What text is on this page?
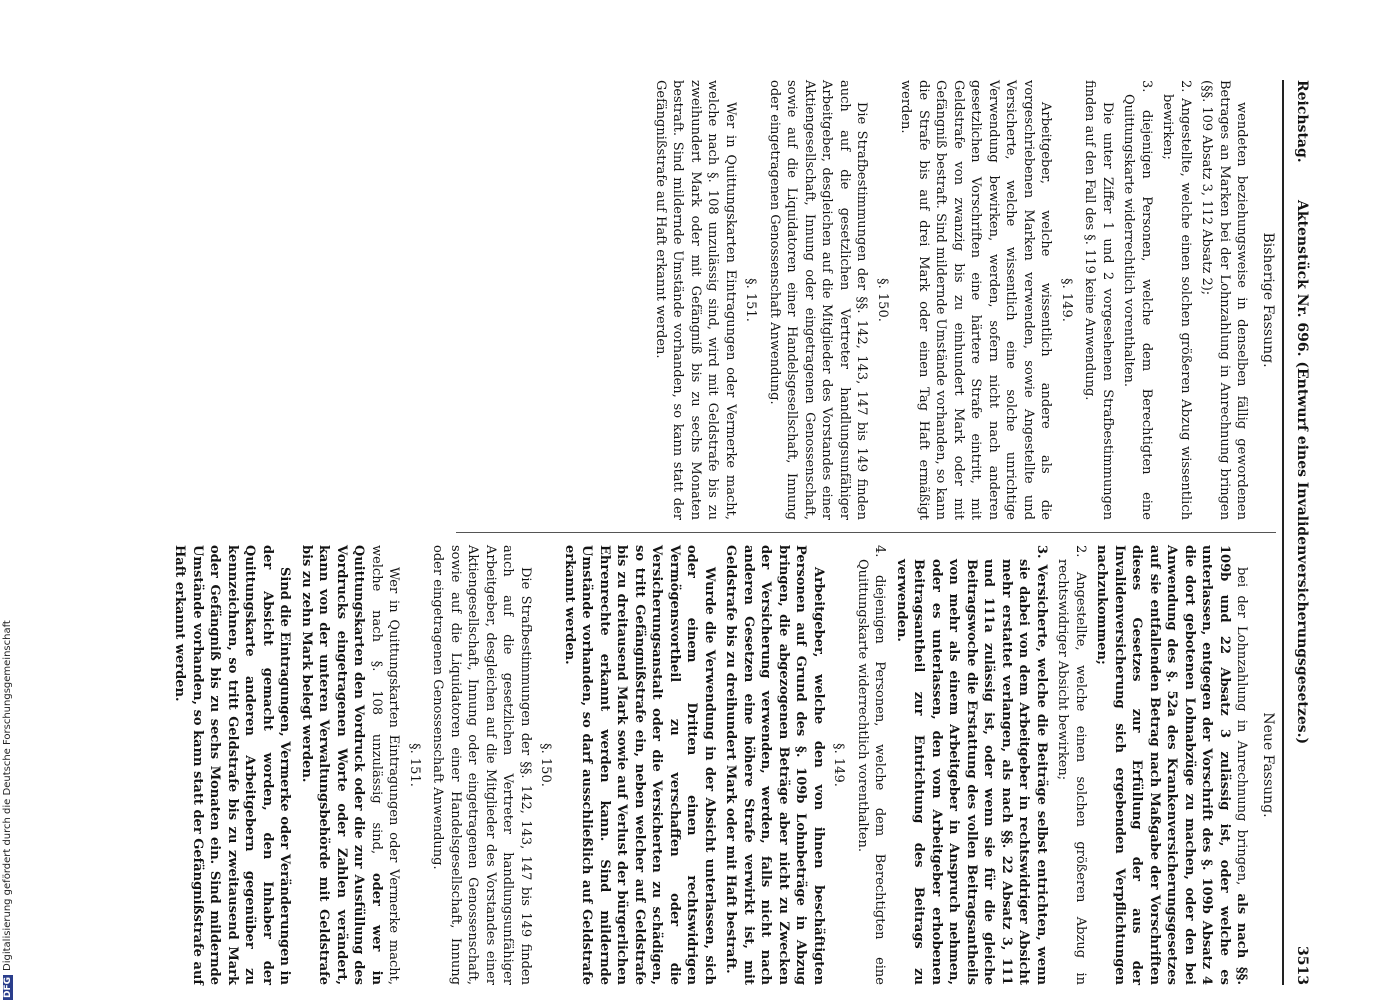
Reichstag.
Aktenstück Nr. 696. (Entwurf eines Invalidenversicherungsgesetzes.)
3513
Bisherige Fassung.

wendeten beziehungsweise in denselben fällig gewordenen Betrages an Marken bei der Lohnzahlung in Anrechnung bringen (§§. 109 Absatz 3, 112 Absatz 2);

2. Angestellte, welche einen solchen größeren Abzug wissentlich bewirken;

3. diejenigen Personen, welche dem Berechtigten eine Quittungskarte widerrechtlich vorenthalten.

Die unter Ziffer 1 und 2 vorgesehenen Strafbestimmungen finden auf den Fall des §. 119 keine Anwendung.

§. 149.

Arbeitgeber, welche wissentlich andere als die vorgeschriebenen Marken verwenden, sowie Angestellte und Versicherte, welche wissentlich eine solche unrichtige Verwendung bewirken, werden, sofern nicht nach anderen gesetzlichen Vorschriften eine härtere Strafe eintritt, mit Geldstrafe von zwanzig bis zu einhundert Mark oder mit Gefängniß bestraft. Sind mildernde Umstände vorhanden, so kann die Strafe bis auf drei Mark oder einen Tag Haft ermäßigt werden.

§. 150.

Die Strafbestimmungen der §§. 142, 143, 147 bis 149 finden auch auf die gesetzlichen Vertreter handlungsunfähiger Arbeitgeber, desgleichen auf die Mitglieder des Vorstandes einer Aktiengesellschaft, Innung oder eingetragenen Genossenschaft, sowie auf die Liquidatoren einer Handelsgesellschaft, Innung oder eingetragenen Genossenschaft Anwendung.

§. 151.

Wer in Quittungskarten Eintragungen oder Vermerke macht, welche nach §. 108 unzulässig sind, wird mit Geldstrafe bis zu zweihundert Mark oder mit Gefängniß bis zu sechs Monaten bestraft. Sind mildernde Umstände vorhanden, so kann statt der Gefängnißstrafe auf Haft erkannt werden.

Neue Fassung.

bei der Lohnzahlung in Anrechnung bringen, als nach §§. 109b und 22 Absatz 3 zulässig ist, oder welche es unterlassen, entgegen der Vorschrift des §. 109b Absatz 4 die dort gebotenen Lohnabzüge zu machen, oder den bei Anwendung des §. 52a des Krankenversicherungsgesetzes auf sie entfallenden Betrag nach Maßgabe der Vorschriften dieses Gesetzes zur Erfüllung der aus der Invalidenversicherung sich ergebenden Verpflichtungen nachzukommen;

2. Angestellte, welche einen solchen größeren Abzug in rechtswidriger Absicht bewirken;

3. Versicherte, welche die Beiträge selbst entrichten, wenn sie dabei von dem Arbeitgeber in rechtswidriger Absicht mehr erstattet verlangen, als nach §§. 22 Absatz 3, 111 und 111a zulässig ist, oder wenn sie für die gleiche Beitragswoche die Erstattung des vollen Beitragsantheils von mehr als einem Arbeitgeber in Anspruch nehmen, oder es unterlassen, den vom Arbeitgeber erhobenen Beitragsantheil zur Entrichtung des Beitrags zu verwenden.

4. diejenigen Personen, welche dem Berechtigten eine Quittungskarte widerrechtlich vorenthalten.

§. 149.

Arbeitgeber, welche den von ihnen beschäftigten Personen auf Grund des §. 109b Lohnbeträge in Abzug bringen, die abgezogenen Beträge aber nicht zu Zwecken der Versicherung verwenden, werden, falls nicht nach anderen Gesetzen eine höhere Strafe verwirkt ist, mit Geldstrafe bis zu dreihundert Mark oder mit Haft bestraft.

Wurde die Verwendung in der Absicht unterlassen, sich oder einem Dritten einen rechtswidrigen Vermögensvortheil zu verschaffen oder die Versicherungsanstalt oder die Versicherten zu schädigen, so tritt Gefängnißstrafe ein, neben welcher auf Geldstrafe bis zu dreitausend Mark sowie auf Verlust der bürgerlichen Ehrenrechte erkannt werden kann. Sind mildernde Umstände vorhanden, so darf ausschließlich auf Geldstrafe erkannt werden.

§. 150.

Die Strafbestimmungen der §§. 142, 143, 147 bis 149 finden auch auf die gesetzlichen Vertreter handlungsunfähiger Arbeitgeber, desgleichen auf die Mitglieder des Vorstandes einer Aktiengesellschaft, Innung oder eingetragenen Genossenschaft, sowie auf die Liquidatoren einer Handelsgesellschaft, Innung oder eingetragenen Genossenschaft Anwendung.

§. 151.

Wer in Quittungskarten Eintragungen oder Vermerke macht, welche nach §. 108 unzulässig sind, oder wer in Quittungskarten den Vordruck oder die zur Ausfüllung des Vordrucks eingetragenen Worte oder Zahlen verändert, kann von der unteren Verwaltungsbehörde mit Geldstrafe bis zu zehn Mark belegt werden.

Sind die Eintragungen, Vermerke oder Veränderungen in der Absicht gemacht worden, den Inhaber der Quittungskarte anderen Arbeitgebern gegenüber zu kennzeichnen, so tritt Geldstrafe bis zu zweitausend Mark oder Gefängniß bis zu sechs Monaten ein. Sind mildernde Umstände vorhanden, so kann statt der Gefängnißstrafe auf Haft erkannt werden.

DFGDigitalisierung gefördert durch die Deutsche Forschungsgemeinschaft
